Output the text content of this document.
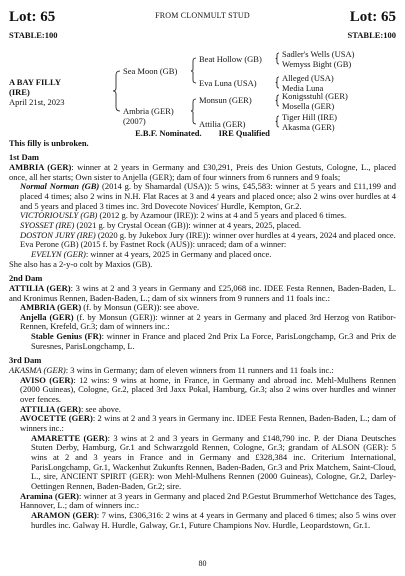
Lot: 65	FROM CLONMULT STUD	Lot: 65
STABLE:100	STABLE:100
A BAY FILLY
(IRE)
April 21st, 2023
Sea Moon (GB)
Ambria (GER)
(2007)
Beat Hollow (GB)
Eva Luna (USA)
Monsun (GER)
Attilia (GER)
Sadler's Wells (USA)
Wemyss Bight (GB)
Alleged (USA)
Media Luna
Konigsstuhl (GER)
Mosella (GER)
Tiger Hill (IRE)
Akasma (GER)

E.B.F. Nominated.        IRE Qualified

This filly is unbroken.

1st Dam

AMBRIA (GER): winner at 2 years in Germany and £30,291, Preis des Union Gestuts, Cologne, L., placed once, all her starts; Own sister to Anjella (GER); dam of four winners from 6 runners and 9 foals;

Normal Norman (GB) (2014 g. by Shamardal (USA)): 5 wins, £45,583: winner at 5 years and £11,199 and placed 4 times; also 2 wins in N.H. Flat Races at 3 and 4 years and placed once; also 2 wins over hurdles at 4 and 5 years and placed 3 times inc. 3rd Dovecote Novices' Hurdle, Kempton, Gr.2.

VICTORIOUSLY (GB) (2012 g. by Azamour (IRE)): 2 wins at 4 and 5 years and placed 6 times.

SYOSSET (IRE) (2021 g. by Crystal Ocean (GB)): winner at 4 years, 2025, placed.

DOSTON JURY (IRE) (2020 g. by Jukebox Jury (IRE)): winner over hurdles at 4 years, 2024 and placed once.

Eva Perone (GB) (2015 f. by Fastnet Rock (AUS)): unraced; dam of a winner:

EVELYN (GER): winner at 4 years, 2025 in Germany and placed once.

She also has a 2-y-o colt by Maxios (GB).

2nd Dam

ATTILIA (GER): 3 wins at 2 and 3 years in Germany and £25,068 inc. IDEE Festa Rennen, Baden-Baden, L. and Kronimus Rennen, Baden-Baden, L.; dam of six winners from 9 runners and 11 foals inc.:

AMBRIA (GER) (f. by Monsun (GER)): see above.

Anjella (GER) (f. by Monsun (GER)): winner at 2 years in Germany and placed 3rd Herzog von Ratibor-Rennen, Krefeld, Gr.3; dam of winners inc.:

Stable Genius (FR): winner in France and placed 2nd Prix La Force, ParisLongchamp, Gr.3 and Prix de Suresnes, ParisLongchamp, L.

3rd Dam

AKASMA (GER): 3 wins in Germany; dam of eleven winners from 11 runners and 11 foals inc.:

AVISO (GER): 12 wins: 9 wins at home, in France, in Germany and abroad inc. Mehl-Mulhens Rennen (2000 Guineas), Cologne, Gr.2, placed 3rd Jaxx Pokal, Hamburg, Gr.3; also 2 wins over hurdles and winner over fences.

ATTILIA (GER): see above.

AVOCETTE (GER): 2 wins at 2 and 3 years in Germany inc. IDEE Festa Rennen, Baden-Baden, L.; dam of winners inc.:

AMARETTE (GER): 3 wins at 2 and 3 years in Germany and £148,790 inc. P. der Diana Deutsches Stuten Derby, Hamburg, Gr.1 and Schwarzgold Rennen, Cologne, Gr.3; grandam of ALSON (GER): 5 wins at 2 and 3 years in France and in Germany and £328,384 inc. Criterium International, ParisLongchamp, Gr.1, Wackenhut Zukunfts Rennen, Baden-Baden, Gr.3 and Prix Matchem, Saint-Cloud, L., sire, ANCIENT SPIRIT (GER): won Mehl-Mulhens Rennen (2000 Guineas), Cologne, Gr.2, Darley-Oettingen Rennen, Baden-Baden, Gr.2; sire.

Aramina (GER): winner at 3 years in Germany and placed 2nd P.Gestut Brummerhof Wettchance des Tages, Hannover, L.; dam of winners inc.:

ARAMON (GER): 7 wins, £306,316: 2 wins at 4 years in Germany and placed 6 times; also 5 wins over hurdles inc. Galway H. Hurdle, Galway, Gr.1, Future Champions Nov. Hurdle, Leopardstown, Gr.1.

80
